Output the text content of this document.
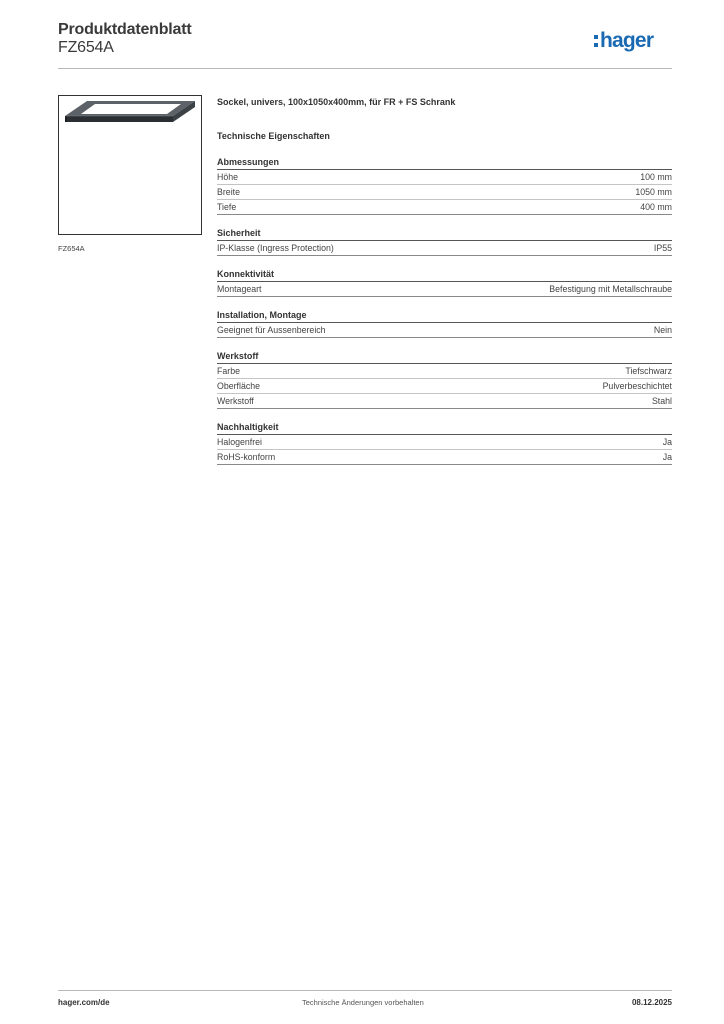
Produktdatenblatt
FZ654A	hager
FZ654A
Sockel, univers, 100x1050x400mm, für FR + FS Schrank
Technische Eigenschaften
Abmessungen
Höhe	100 mm
Breite	1050 mm
Tiefe	400 mm
Sicherheit
IP-Klasse (Ingress Protection)	IP55
Konnektivität
Montageart	Befestigung mit Metallschraube
Installation, Montage
Geeignet für Aussenbereich	Nein
Werkstoff
Farbe	Tiefschwarz
Oberfläche	Pulverbeschichtet
Werkstoff	Stahl
Nachhaltigkeit
Halogenfrei	Ja
RoHS-konform	Ja
hager.com/de	Technische Änderungen vorbehalten	08.12.2025
